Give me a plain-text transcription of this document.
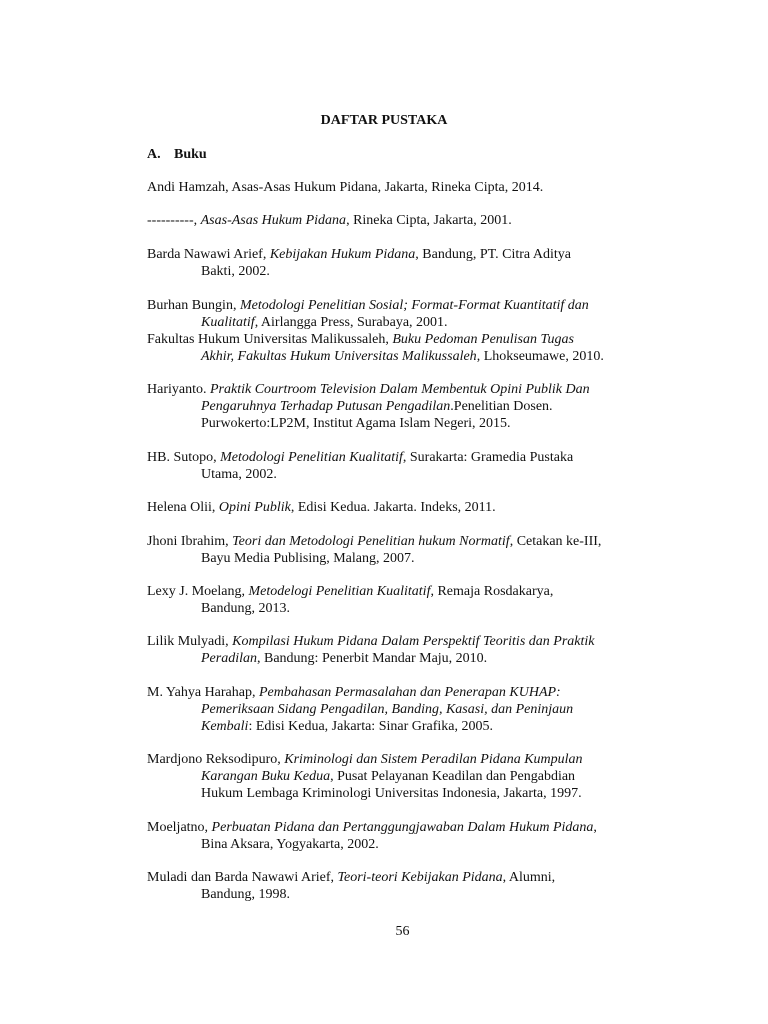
DAFTAR PUSTAKA
A. Buku

Andi Hamzah, Asas-Asas Hukum Pidana, Jakarta, Rineka Cipta, 2014.

----------, Asas-Asas Hukum Pidana, Rineka Cipta, Jakarta, 2001.

Barda Nawawi Arief, Kebijakan Hukum Pidana, Bandung, PT. Citra Aditya
Bakti, 2002.

Burhan Bungin, Metodologi Penelitian Sosial; Format-Format Kuantitatif dan
Kualitatif, Airlangga Press, Surabaya, 2001.

Fakultas Hukum Universitas Malikussaleh, Buku Pedoman Penulisan Tugas
Akhir, Fakultas Hukum Universitas Malikussaleh, Lhokseumawe, 2010.

Hariyanto. Praktik Courtroom Television Dalam Membentuk Opini Publik Dan
Pengaruhnya Terhadap Putusan Pengadilan.Penelitian Dosen.
Purwokerto:LP2M, Institut Agama Islam Negeri, 2015.

HB. Sutopo, Metodologi Penelitian Kualitatif, Surakarta: Gramedia Pustaka
Utama, 2002.

Helena Olii, Opini Publik, Edisi Kedua. Jakarta. Indeks, 2011.

Jhoni Ibrahim, Teori dan Metodologi Penelitian hukum Normatif, Cetakan ke-III,
Bayu Media Publising, Malang, 2007.

Lexy J. Moelang, Metodelogi Penelitian Kualitatif, Remaja Rosdakarya,
Bandung, 2013.

Lilik Mulyadi, Kompilasi Hukum Pidana Dalam Perspektif Teoritis dan Praktik
Peradilan, Bandung: Penerbit Mandar Maju, 2010.

M. Yahya Harahap, Pembahasan Permasalahan dan Penerapan KUHAP:
Pemeriksaan Sidang Pengadilan, Banding, Kasasi, dan Peninjaun
Kembali: Edisi Kedua, Jakarta: Sinar Grafika, 2005.

Mardjono Reksodipuro, Kriminologi dan Sistem Peradilan Pidana Kumpulan
Karangan Buku Kedua, Pusat Pelayanan Keadilan dan Pengabdian
Hukum Lembaga Kriminologi Universitas Indonesia, Jakarta, 1997.

Moeljatno, Perbuatan Pidana dan Pertanggungjawaban Dalam Hukum Pidana,
Bina Aksara, Yogyakarta, 2002.

Muladi dan Barda Nawawi Arief, Teori-teori Kebijakan Pidana, Alumni,
Bandung, 1998.

56
